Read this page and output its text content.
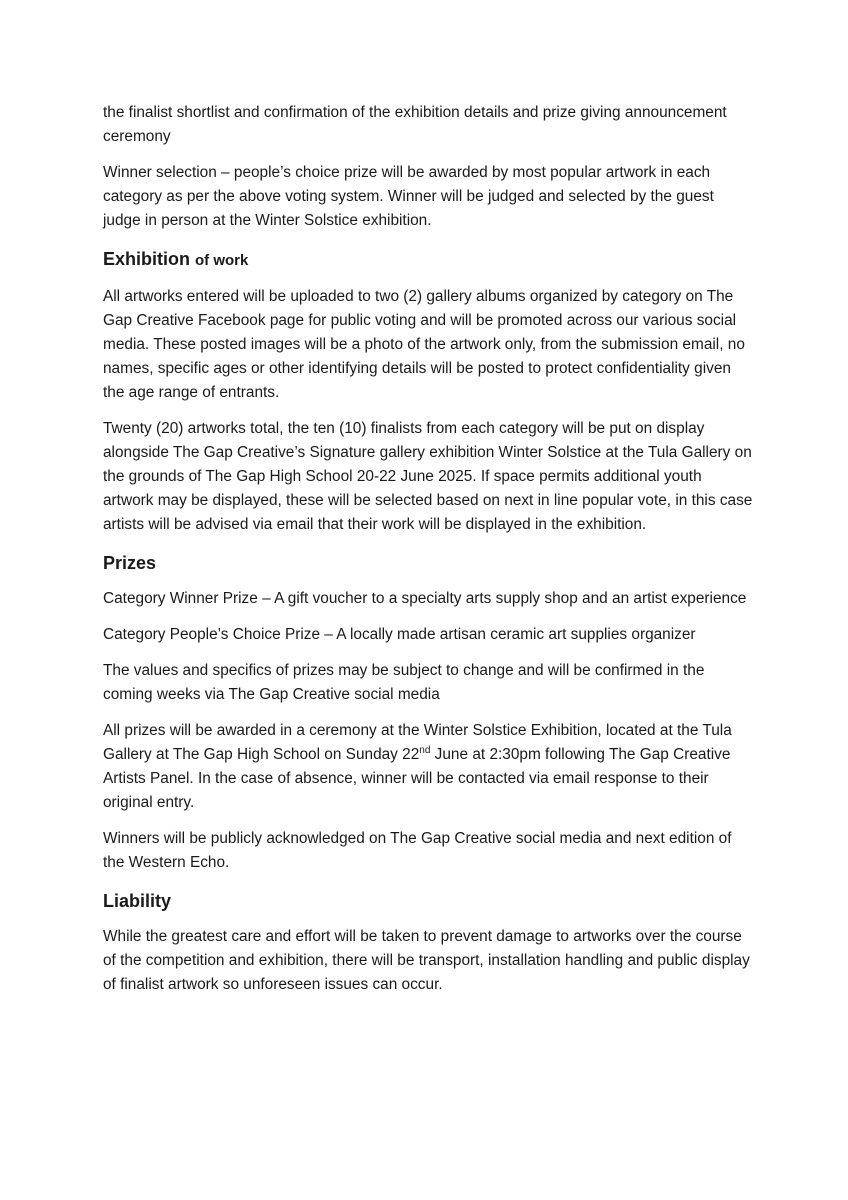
the finalist shortlist and confirmation of the exhibition details and prize giving announcement ceremony

Winner selection – people’s choice prize will be awarded by most popular artwork in each category as per the above voting system. Winner will be judged and selected by the guest judge in person at the Winter Solstice exhibition.

Exhibition of work

All artworks entered will be uploaded to two (2) gallery albums organized by category on The Gap Creative Facebook page for public voting and will be promoted across our various social media. These posted images will be a photo of the artwork only, from the submission email, no names, specific ages or other identifying details will be posted to protect confidentiality given the age range of entrants.

Twenty (20) artworks total, the ten (10) finalists from each category will be put on display alongside The Gap Creative’s Signature gallery exhibition Winter Solstice at the Tula Gallery on the grounds of The Gap High School 20-22 June 2025. If space permits additional youth artwork may be displayed, these will be selected based on next in line popular vote, in this case artists will be advised via email that their work will be displayed in the exhibition.

Prizes

Category Winner Prize – A gift voucher to a specialty arts supply shop and an artist experience

Category People’s Choice Prize – A locally made artisan ceramic art supplies organizer

The values and specifics of prizes may be subject to change and will be confirmed in the coming weeks via The Gap Creative social media

All prizes will be awarded in a ceremony at the Winter Solstice Exhibition, located at the Tula Gallery at The Gap High School on Sunday 22nd June at 2:30pm following The Gap Creative Artists Panel. In the case of absence, winner will be contacted via email response to their original entry.

Winners will be publicly acknowledged on The Gap Creative social media and next edition of the Western Echo.

Liability

While the greatest care and effort will be taken to prevent damage to artworks over the course of the competition and exhibition, there will be transport, installation handling and public display of finalist artwork so unforeseen issues can occur.
